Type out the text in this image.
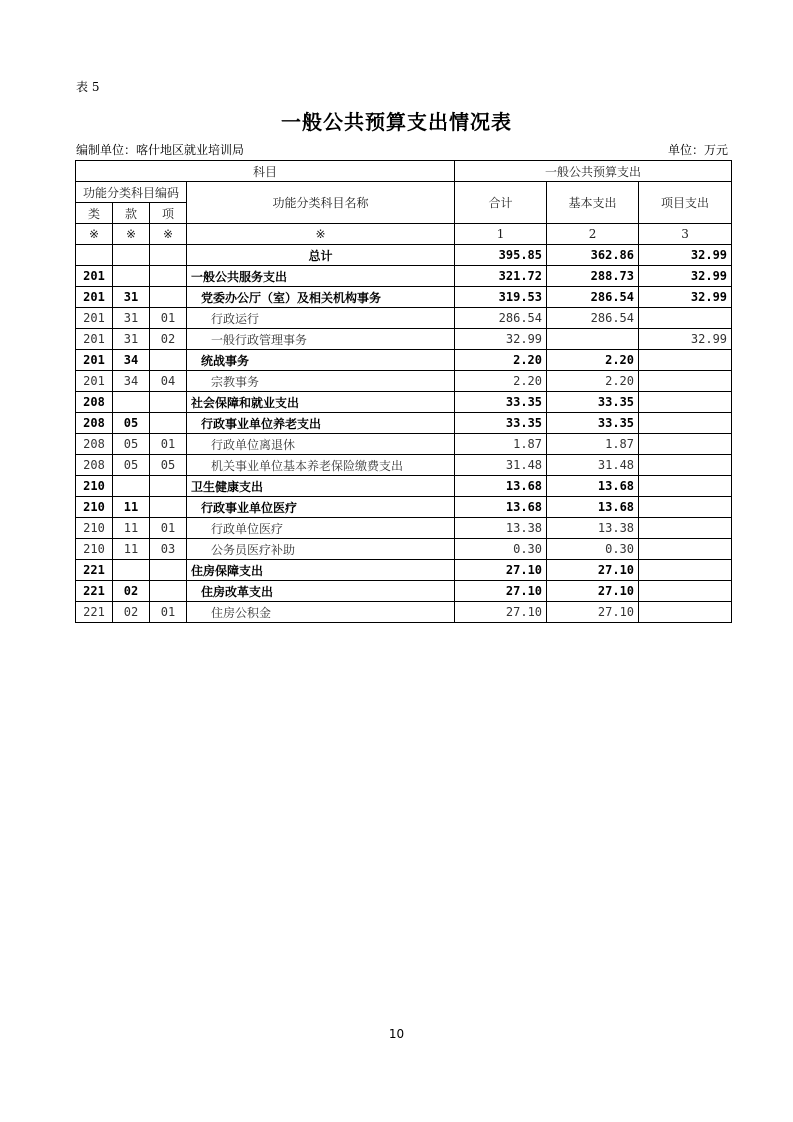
表 5
一般公共预算支出情况表
编制单位：喀什地区就业培训局	单位：万元
科目				一般公共预算支出		
功能分类科目编码			功能分类科目名称	合计	基本支出	项目支出
类	款	项				
※	※	※	※	1	2	3
			总计	395.85	362.86	32.99
201			一般公共服务支出	321.72	288.73	32.99
201	31		党委办公厅（室）及相关机构事务	319.53	286.54	32.99
201	31	01	行政运行	286.54	286.54	
201	31	02	一般行政管理事务	32.99		32.99
201	34		统战事务	2.20	2.20	
201	34	04	宗教事务	2.20	2.20	
208			社会保障和就业支出	33.35	33.35	
208	05		行政事业单位养老支出	33.35	33.35	
208	05	01	行政单位离退休	1.87	1.87	
208	05	05	机关事业单位基本养老保险缴费支出	31.48	31.48	
210			卫生健康支出	13.68	13.68	
210	11		行政事业单位医疗	13.68	13.68	
210	11	01	行政单位医疗	13.38	13.38	
210	11	03	公务员医疗补助	0.30	0.30	
221			住房保障支出	27.10	27.10	
221	02		住房改革支出	27.10	27.10	
221	02	01	住房公积金	27.10	27.10	
10
